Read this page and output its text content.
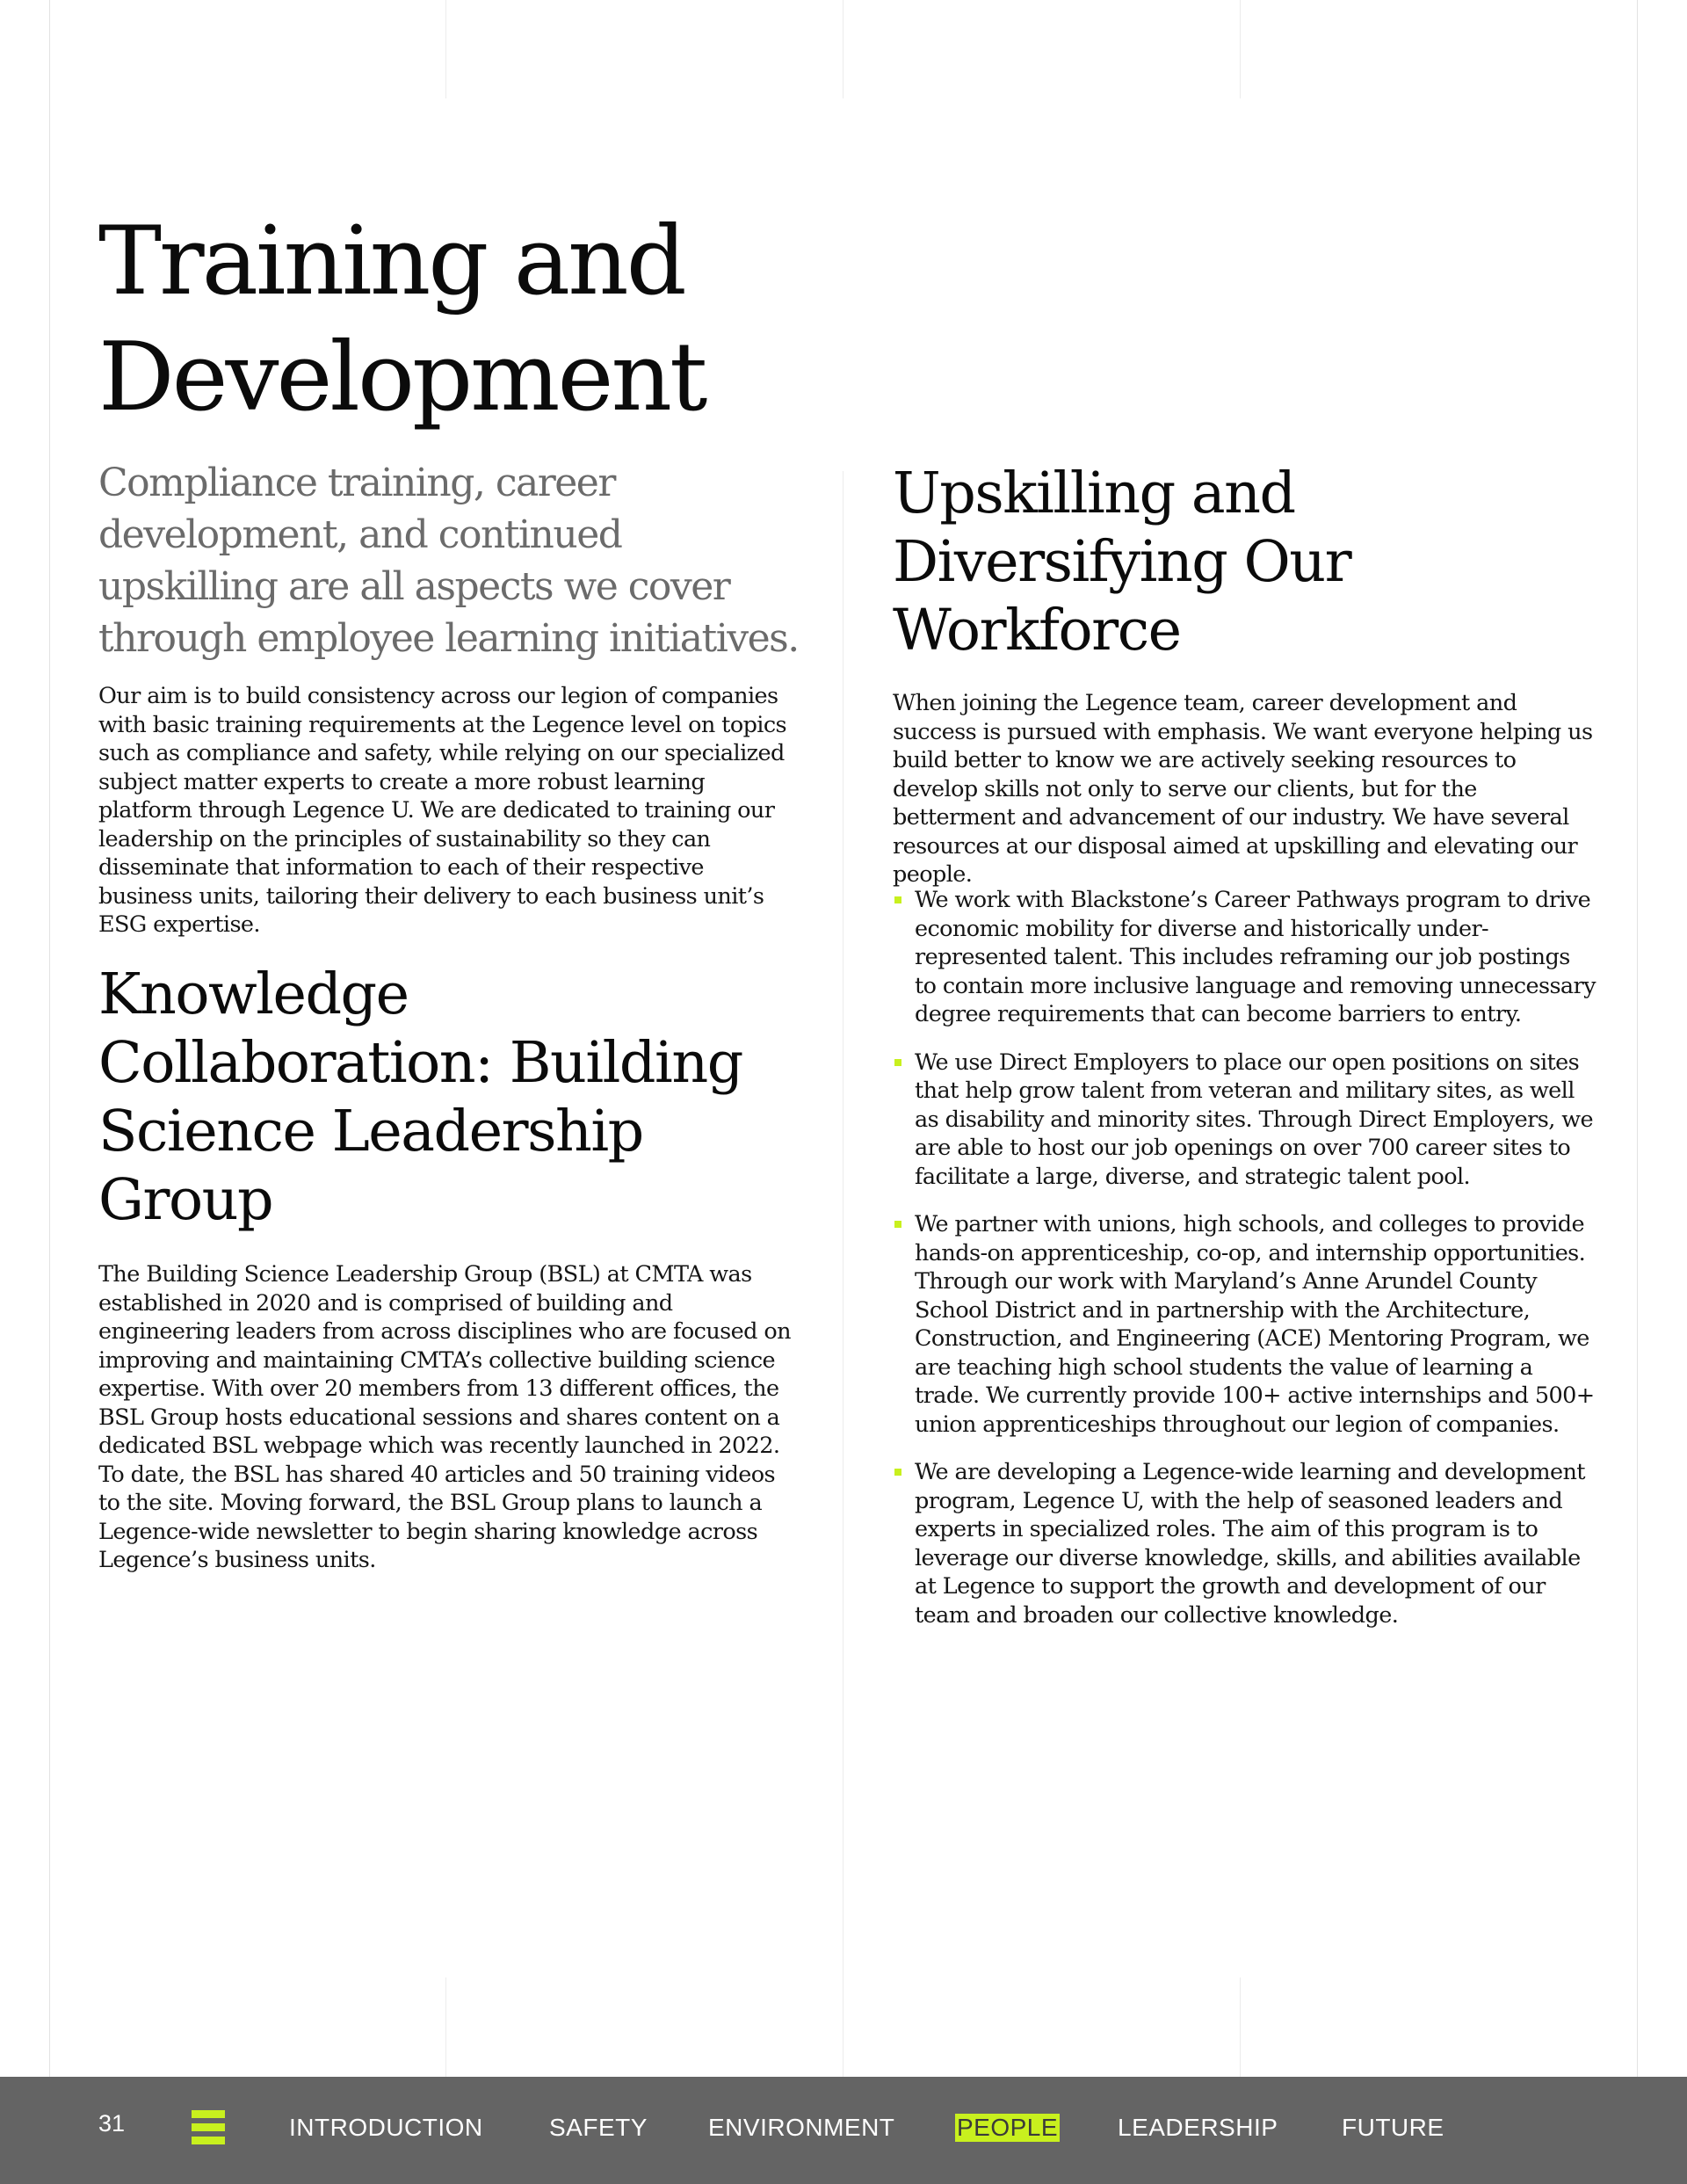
Training and Development

Compliance training, career development, and continued upskilling are all aspects we cover through employee learning initiatives.

Our aim is to build consistency across our legion of companies with basic training requirements at the Legence level on topics such as compliance and safety, while relying on our specialized subject matter experts to create a more robust learning platform through Legence U. We are dedicated to training our leadership on the principles of sustainability so they can disseminate that information to each of their respective business units, tailoring their delivery to each business unit’s ESG expertise.

Knowledge Collaboration: Building Science Leadership Group

The Building Science Leadership Group (BSL) at CMTA was established in 2020 and is comprised of building and engineering leaders from across disciplines who are focused on improving and maintaining CMTA’s collective building science expertise. With over 20 members from 13 different offices, the BSL Group hosts educational sessions and shares content on a dedicated BSL webpage which was recently launched in 2022. To date, the BSL has shared 40 articles and 50 training videos to the site. Moving forward, the BSL Group plans to launch a Legence-wide newsletter to begin sharing knowledge across Legence’s business units.

Upskilling and Diversifying Our Workforce

When joining the Legence team, career development and success is pursued with emphasis. We want everyone helping us build better to know we are actively seeking resources to develop skills not only to serve our clients, but for the betterment and advancement of our industry. We have several resources at our disposal aimed at upskilling and elevating our people.

We work with Blackstone’s Career Pathways program to drive economic mobility for diverse and historically under-represented talent. This includes reframing our job postings to contain more inclusive language and removing unnecessary degree requirements that can become barriers to entry.
We use Direct Employers to place our open positions on sites that help grow talent from veteran and military sites, as well as disability and minority sites. Through Direct Employers, we are able to host our job openings on over 700 career sites to facilitate a large, diverse, and strategic talent pool.
We partner with unions, high schools, and colleges to provide hands-on apprenticeship, co-op, and internship opportunities. Through our work with Maryland’s Anne Arundel County School District and in partnership with the Architecture, Construction, and Engineering (ACE) Mentoring Program, we are teaching high school students the value of learning a trade. We currently provide 100+ active internships and 500+ union apprenticeships throughout our legion of companies.
We are developing a Legence-wide learning and development program, Legence U, with the help of seasoned leaders and experts in specialized roles. The aim of this program is to leverage our diverse knowledge, skills, and abilities available at Legence to support the growth and development of our team and broaden our collective knowledge.
31	INTRODUCTION	SAFETY ENVIRONMENT	PEOPLE LEADERSHIP	FUTURE
